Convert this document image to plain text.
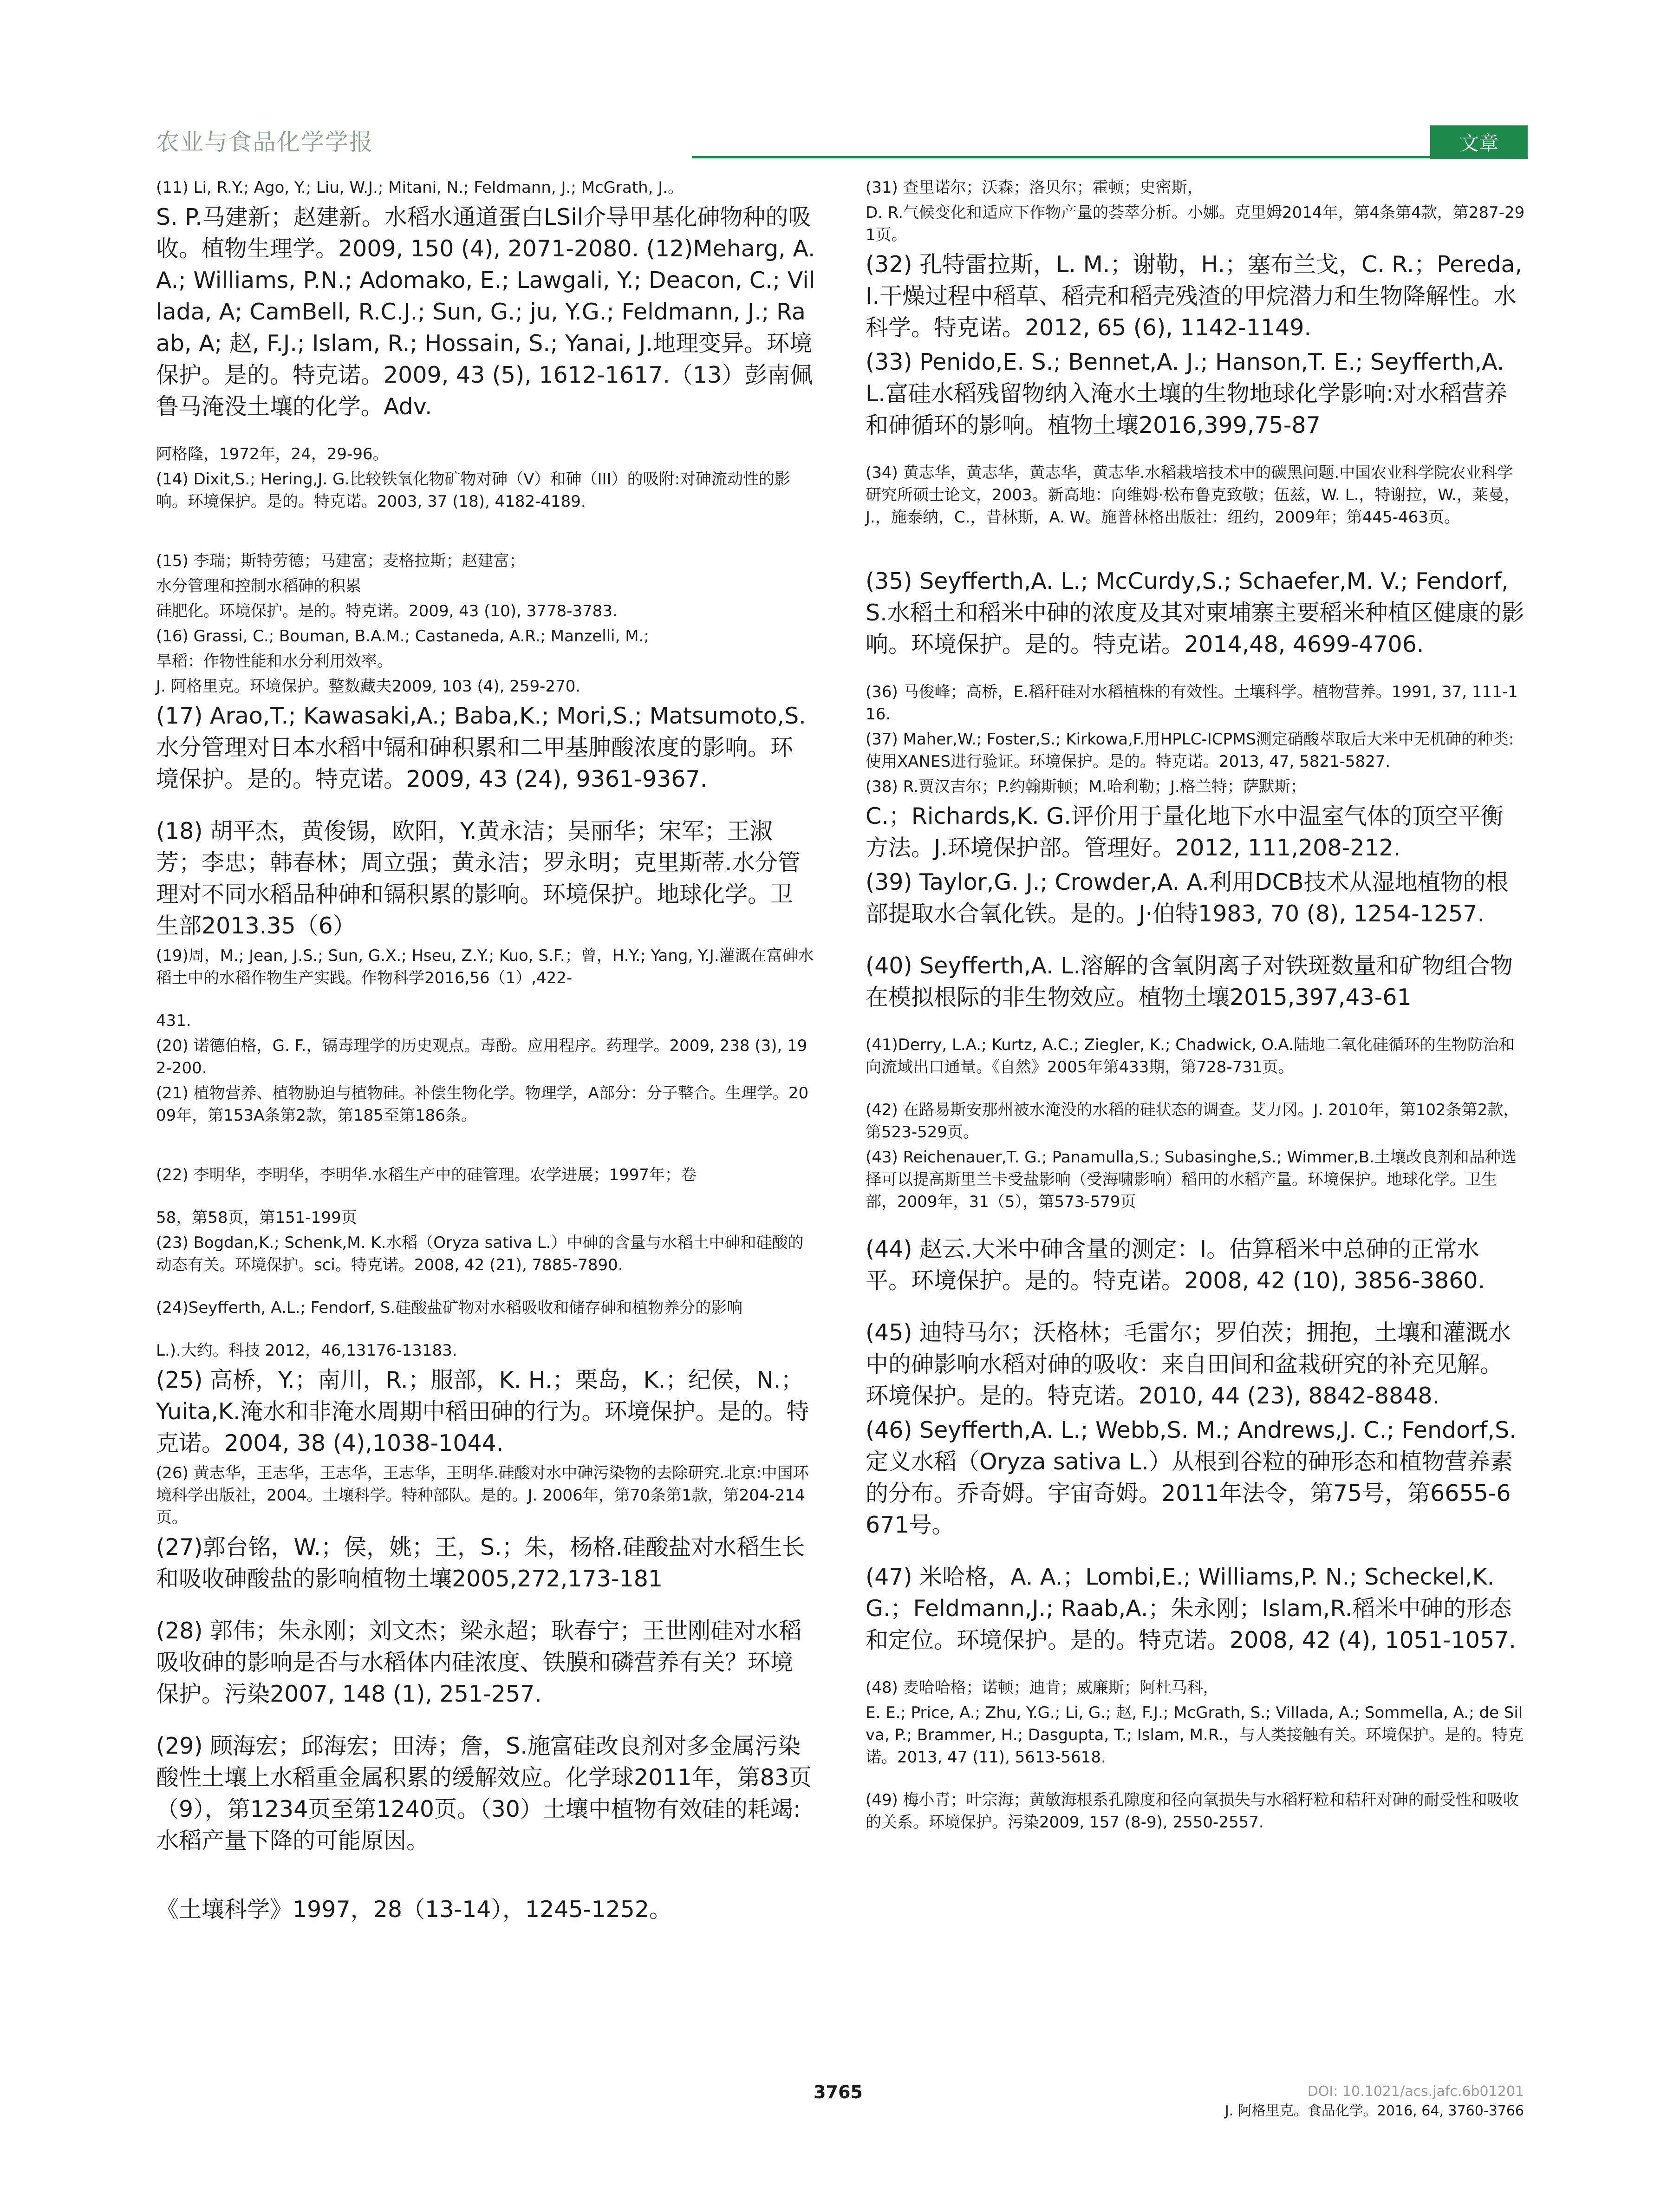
农业与食品化学学报	文章

(11) Li, R.Y.; Ago, Y.; Liu, W.J.; Mitani, N.; Feldmann, J.; McGrath, J.。

S. P.马建新；赵建新。水稻水通道蛋白LSil介导甲基化砷物种的吸收。植物生理学。2009, 150 (4), 2071-2080. (12)Meharg, A.A.; Williams, P.N.; Adomako, E.; Lawgali, Y.; Deacon, C.; Villada, A; CamBell, R.C.J.; Sun, G.; ju, Y.G.; Feldmann, J.; Raab, A; 赵, F.J.; Islam, R.; Hossain, S.; Yanai, J.地理变异。环境保护。是的。特克诺。2009, 43 (5), 1612-1617.（13）彭南佩鲁马淹没土壤的化学。Adv.

阿格隆，1972年，24，29-96。

(14) Dixit,S.; Hering,J. G.比较铁氧化物矿物对砷（V）和砷（III）的吸附:对砷流动性的影响。环境保护。是的。特克诺。2003, 37 (18), 4182-4189.

(15) 李瑞；斯特劳德；马建富；麦格拉斯；赵建富；

水分管理和控制水稻砷的积累

硅肥化。环境保护。是的。特克诺。2009, 43 (10), 3778-3783.

(16) Grassi, C.; Bouman, B.A.M.; Castaneda, A.R.; Manzelli, M.;

旱稻：作物性能和水分利用效率。

J. 阿格里克。环境保护。整数藏夫2009, 103 (4), 259-270.

(17) Arao,T.; Kawasaki,A.; Baba,K.; Mori,S.; Matsumoto,S.水分管理对日本水稻中镉和砷积累和二甲基胂酸浓度的影响。环境保护。是的。特克诺。2009, 43 (24), 9361-9367.

(18) 胡平杰，黄俊锡，欧阳，Y.黄永洁；吴丽华；宋军；王淑芳；李忠；韩春林；周立强；黄永洁；罗永明；克里斯蒂.水分管理对不同水稻品种砷和镉积累的影响。环境保护。地球化学。卫生部2013.35（6）

(19)周，M.; Jean, J.S.; Sun, G.X.; Hseu, Z.Y.; Kuo, S.F.；曾，H.Y.; Yang, Y.J.灌溉在富砷水稻土中的水稻作物生产实践。作物科学2016,56（1）,422-

431.

(20) 诺德伯格，G. F.，镉毒理学的历史观点。毒酚。应用程序。药理学。2009, 238 (3), 192-200.

(21) 植物营养、植物胁迫与植物硅。补偿生物化学。物理学，A部分：分子整合。生理学。2009年，第153A条第2款，第185至第186条。

(22) 李明华，李明华，李明华.水稻生产中的硅管理。农学进展；1997年；卷

58，第58页，第151-199页

(23) Bogdan,K.; Schenk,M. K.水稻（Oryza sativa L.）中砷的含量与水稻土中砷和硅酸的动态有关。环境保护。sci。特克诺。2008, 42 (21), 7885-7890.

(24)Seyfferth, A.L.; Fendorf, S.硅酸盐矿物对水稻吸收和储存砷和植物养分的影响

L.).大约。科技 2012，46,13176-13183.

(25) 高桥，Y.；南川，R.；服部，K. H.；栗岛，K.；纪侯，N.；Yuita,K.淹水和非淹水周期中稻田砷的行为。环境保护。是的。特克诺。2004, 38 (4),1038-1044.

(26) 黄志华，王志华，王志华，王志华，王明华.硅酸对水中砷污染物的去除研究.北京:中国环境科学出版社，2004。土壤科学。特种部队。是的。J. 2006年，第70条第1款，第204-214页。

(27)郭台铭，W.；侯，姚；王，S.；朱，杨格.硅酸盐对水稻生长和吸收砷酸盐的影响植物土壤2005,272,173-181

(28) 郭伟；朱永刚；刘文杰；梁永超；耿春宁；王世刚硅对水稻吸收砷的影响是否与水稻体内硅浓度、铁膜和磷营养有关？环境保护。污染2007, 148 (1), 251-257.

(29) 顾海宏；邱海宏；田涛；詹，S.施富硅改良剂对多金属污染酸性土壤上水稻重金属积累的缓解效应。化学球2011年，第83页（9），第1234页至第1240页。（30）土壤中植物有效硅的耗竭:水稻产量下降的可能原因。

《土壤科学》1997，28（13-14），1245-1252。

(31) 查里诺尔；沃森；洛贝尔；霍顿；史密斯，

D. R.气候变化和适应下作物产量的荟萃分析。小娜。克里姆2014年，第4条第4款，第287-291页。

(32) 孔特雷拉斯，L. M.；谢勒，H.；塞布兰戈，C. R.；Pereda,I.干燥过程中稻草、稻壳和稻壳残渣的甲烷潜力和生物降解性。水科学。特克诺。2012, 65 (6), 1142-1149.

(33) Penido,E. S.; Bennet,A. J.; Hanson,T. E.; Seyfferth,A. L.富硅水稻残留物纳入淹水土壤的生物地球化学影响:对水稻营养和砷循环的影响。植物土壤2016,399,75-87

(34) 黄志华，黄志华，黄志华，黄志华.水稻栽培技术中的碳黑问题.中国农业科学院农业科学研究所硕士论文，2003。新高地：向维姆·松布鲁克致敬；伍兹，W. L.，特谢拉，W.，莱曼，J.，施泰纳，C.，昔林斯，A. W。施普林格出版社：纽约，2009年；第445-463页。

(35) Seyfferth,A. L.; McCurdy,S.; Schaefer,M. V.; Fendorf,S.水稻土和稻米中砷的浓度及其对柬埔寨主要稻米种植区健康的影响。环境保护。是的。特克诺。2014,48, 4699-4706.

(36) 马俊峰；高桥，E.稻秆硅对水稻植株的有效性。土壤科学。植物营养。1991, 37, 111-116.

(37) Maher,W.; Foster,S.; Kirkowa,F.用HPLC-ICPMS测定硝酸萃取后大米中无机砷的种类:使用XANES进行验证。环境保护。是的。特克诺。2013, 47, 5821-5827.

(38) R.贾汉吉尔；P.约翰斯顿；M.哈利勒；J.格兰特；萨默斯；

C.；Richards,K. G.评价用于量化地下水中温室气体的顶空平衡方法。J.环境保护部。管理好。2012, 111,208-212.

(39) Taylor,G. J.; Crowder,A. A.利用DCB技术从湿地植物的根部提取水合氧化铁。是的。J·伯特1983, 70 (8), 1254-1257.

(40) Seyfferth,A. L.溶解的含氧阴离子对铁斑数量和矿物组合物在模拟根际的非生物效应。植物土壤2015,397,43-61

(41)Derry, L.A.; Kurtz, A.C.; Ziegler, K.; Chadwick, O.A.陆地二氧化硅循环的生物防治和向流域出口通量。《自然》2005年第433期，第728-731页。

(42) 在路易斯安那州被水淹没的水稻的硅状态的调查。艾力冈。J. 2010年，第102条第2款，第523-529页。

(43) Reichenauer,T. G.; Panamulla,S.; Subasinghe,S.; Wimmer,B.土壤改良剂和品种选择可以提高斯里兰卡受盐影响（受海啸影响）稻田的水稻产量。环境保护。地球化学。卫生部，2009年，31（5），第573-579页

(44) 赵云.大米中砷含量的测定：I。估算稻米中总砷的正常水平。环境保护。是的。特克诺。2008, 42 (10), 3856-3860.

(45) 迪特马尔；沃格林；毛雷尔；罗伯茨；拥抱，土壤和灌溉水中的砷影响水稻对砷的吸收：来自田间和盆栽研究的补充见解。环境保护。是的。特克诺。2010, 44 (23), 8842-8848.

(46) Seyfferth,A. L.; Webb,S. M.; Andrews,J. C.; Fendorf,S.定义水稻（Oryza sativa L.）从根到谷粒的砷形态和植物营养素的分布。乔奇姆。宇宙奇姆。2011年法令，第75号，第6655-6671号。

(47) 米哈格，A. A.；Lombi,E.; Williams,P. N.; Scheckel,K. G.；Feldmann,J.; Raab,A.；朱永刚；Islam,R.稻米中砷的形态和定位。环境保护。是的。特克诺。2008, 42 (4), 1051-1057.

(48) 麦哈哈格；诺顿；迪肯；威廉斯；阿杜马科，

E. E.; Price, A.; Zhu, Y.G.; Li, G.; 赵, F.J.; McGrath, S.; Villada, A.; Sommella, A.; de Silva, P.; Brammer, H.; Dasgupta, T.; Islam, M.R.，与人类接触有关。环境保护。是的。特克诺。2013, 47 (11), 5613-5618.

(49) 梅小青；叶宗海；黄敏海根系孔隙度和径向氧损失与水稻籽粒和秸秆对砷的耐受性和吸收的关系。环境保护。污染2009, 157 (8-9), 2550-2557.

3765	DOI: 10.1021/acs.jafc.6b01201
J. 阿格里克。食品化学。2016, 64, 3760-3766
